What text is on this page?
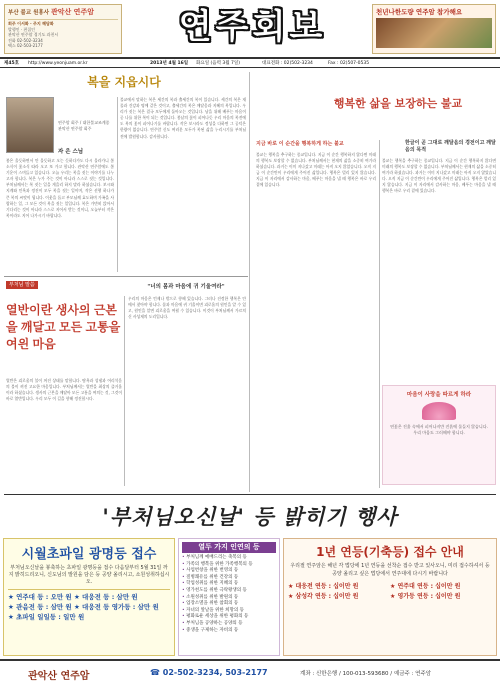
부산 불교 원흥사 관악산 연주암
회주 이서화 · 주지 혜담화
발행인 · 편집인
관악산 연주암 경기도 과천시
전화 02-502-3234
팩스 02-503-2177	연주회보	천년나한도량 연주암 참가해요
제45호 http://www.yeonjuam.or.kr	2013년 4월 16일 화요일 (음력 3월 7일)	대표전화 : 02)502-3234	Fax : 02)507-0535
복을 지읍시다
연주암 회주 / 대한불교조계종 관악산 연주암 회주
자 은 스님

봄은 올듯하면서 안 올듯하고 오는 듯하다가도 다시 올라가니 봄 소식이 꽃소식 따라 오고 또 가고 합니다. 관악산 연주암에도 봄 기운이 스며들고 있습니다. 오늘 우리는 복을 짓는 이야기를 나누고자 합니다. 복은 누가 주는 것이 아니라 스스로 짓는 것입니다. 부처님께서는 복 짓는 일을 게을리 하지 말라 하셨습니다. 보시와 지계와 인욕과 정진이 모두 복을 짓는 일이며, 작은 선행 하나가 큰 복의 씨앗이 됩니다. 이웃을 돕고 부모님께 효도하며 가족을 사랑하는 일, 그 모든 것이 복을 짓는 일입니다. 복은 가만히 앉아서 기다리는 것이 아니라 스스로 지어서 받는 것이니, 오늘부터 작은 복이라도 지어 나가시기 바랍니다.

불교에서 말하는 복은 세간의 복과 출세간의 복이 있습니다. 세간의 복은 재물과 건강과 명예 같은 것이고, 출세간의 복은 깨달음과 지혜의 복입니다. 우리가 짓는 복은 결국 모두에게 돌아오는 것입니다. 남을 위해 베푸는 마음이 곧 나를 위한 복이 되는 것입니다. 봄날의 꽃이 피어나듯 우리 마음의 복전에도 복의 꽃이 피어나기를 바랍니다. 작은 보시라도 정성을 다하면 그 공덕은 한량이 없습니다. 연주암 신도 여러분 모두가 복된 삶을 누리시기를 부처님 전에 발원합니다. 감사합니다.

부처님 말씀
열반이란 생사의 근본을 깨달고 모든 고통을 여읜 마음
"너의 몸과 마음에 귀 기울여라"

열반은 괴로움의 불이 꺼진 상태를 말합니다. 탐욕과 성냄과 어리석음의 불이 꺼진 고요한 마음입니다. 부처님께서는 열반을 최상의 즐거움이라 하셨습니다. 생사의 근본을 깨달아 모든 고통을 여의는 것, 그것이 바로 열반입니다. 우리 모두 이 길을 향해 정진합시다.

우리의 마음은 언제나 밖으로 향해 있습니다. 그러나 진정한 행복은 안에서 찾아야 합니다. 몸과 마음에 귀 기울이면 괴로움의 원인을 알 수 있고, 원인을 알면 괴로움을 여읠 수 있습니다. 이것이 부처님께서 가르치신 사성제의 도리입니다.

행복한 삶을 보장하는 불교
지금 바로 이 순간을 행복하게 하는 불교	한글이 곧 그대로 깨달음의 경전이고 깨달음의 목적

불교는 행복을 추구하는 종교입니다. 지금 이 순간 행복하지 않다면 미래의 행복도 보장할 수 없습니다. 부처님께서는 현재의 삶을 소중히 여기라 하셨습니다. 과거는 이미 지나갔고 미래는 아직 오지 않았습니다. 오직 지금 이 순간만이 우리에게 주어진 삶입니다. 행복은 멀리 있지 않습니다. 지금 이 자리에서 감사하는 마음, 베푸는 마음을 낼 때 행복은 바로 우리 곁에 있습니다.

불교는 행복을 추구하는 종교입니다. 지금 이 순간 행복하지 않다면 미래의 행복도 보장할 수 없습니다. 부처님께서는 현재의 삶을 소중히 여기라 하셨습니다. 과거는 이미 지나갔고 미래는 아직 오지 않았습니다. 오직 지금 이 순간만이 우리에게 주어진 삶입니다. 행복은 멀리 있지 않습니다. 지금 이 자리에서 감사하는 마음, 베푸는 마음을 낼 때 행복은 바로 우리 곁에 있습니다.

마음이 사랑을 따르게 하라
연꽃은 진흙 속에서 피어나지만 진흙에 물들지 않습니다. 우리 마음도 그러해야 합니다.
'부처님오신날' 등 밝히기 행사
시월초파일 광명등 접수
부처님오신날을 봉축하는 초파일 광명등을 접수 다음달부터 5월 31일 까지 밝히드리오니, 신도님의 발원을 담은 등 공양 올리시고, 소원성취하십시오.
★ 연주대 등 : 오만 원 ★ 대웅전 등 : 삼만 원
★ 관음전 등 : 삼만 원 ★ 대웅전 등 영가등 : 삼만 원
★ 초파일 일일등 : 일만 원
열두 가지 인연의 등
• 부처님께 예배드리는 축복의 등
• 가족의 행복을 위한 가족행복의 등
• 사업번창을 위한 번영의 등
• 질병쾌유를 위한 건강의 등
• 학업성취를 위한 지혜의 등
• 영가천도를 위한 극락왕생의 등
• 소원성취를 위한 발원의 등
• 업장소멸을 위한 참회의 등
• 자녀의 앞날을 위한 희망의 등
• 평화로운 세상을 위한 평화의 등
• 부처님을 공양하는 공양의 등
• 중생을 구제하는 자비의 등
1년 연등(기축등) 접수 안내
우리절 연주암은 해년 각 법당에 1년 연등을 선착순 접수 받고 있사오니, 미리 접수하셔서 등 공양 올리고 싶은 법당에서 연주대에 다시기 바랍니다
★ 대웅전 연등 : 십이만 원	★ 연주대 연등 : 십이만 원
★ 삼성각 연등 : 십이만 원	★ 영가등 연등 : 십이만 원
관악산 연주암	☎ 02-502-3234, 503-2177	계좌 : 신한은행 / 100-013-593680 / 예금주 : 연주암
